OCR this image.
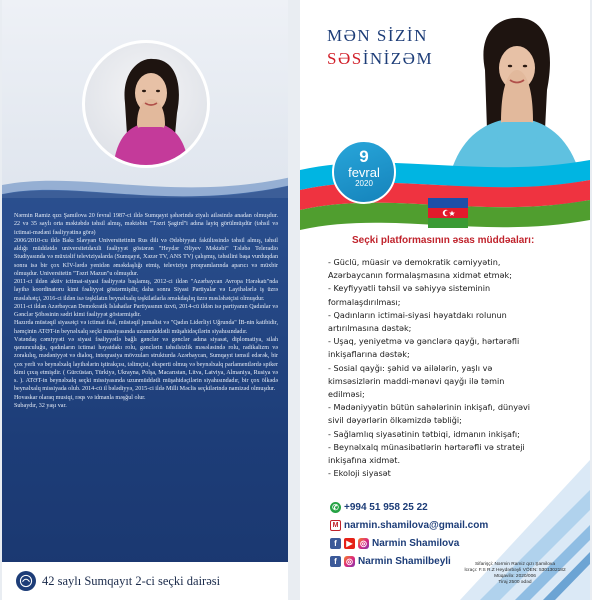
Nərmin Ramiz qızı Şamilova 20 fevral 1987-ci ildə Sumqayıt şəhərində ziyalı ailəsində anadan olmuşdur. 22 və 35 saylı orta məktəbdə təhsil almış, məktəbin "Təzri Şagird"i adına layiq görülmüşdür (təhsil və ictimai-mədəni fəaliyyətinə görə)

2006/2010-cu ildə Bakı Slavyan Universitetinin Rus dili və Ədəbiyyatı fakültəsində təhsil almış, təhsil aldığı müddətdə universitetdaxili fəaliyyət göstərən "Heydər Əliyev Məktəbi" Tələbə Teleradio Studiyasında və müxtəlif televiziyalarda (Sumqayıt, Xəzər TV, ANS TV) çalışmış, təhsilini başa vurduqdan sonra isə bir çox KİV-lərdə yenidən əməkdaşlığı etmiş, televiziya proqramlarında aparıcı və müxbir olmuşdur. Universitetin "Təzri Mazun"u olmuşdur.

2011-ci ildən aktiv ictimai-siyasi fəaliyyətə başlamış, 2012-ci ildən "Azərbaycan Avropa Hərəkatı"nda layihə koordinatoru kimi fəaliyyət göstərmişdir, daha sonra Siyasi Partiyalar və Layihələrlə iş üzrə məsləhətçi, 2016-ci ildən isə təşkilatın beynəlxalq təşkilatlarla əməkdaşlıq üzrə məsləhətçisi olmuşdur.

2011-ci ildən Azərbaycan Demokratik İslahatlar Partiyasının üzvü, 2014-cü ildən isə partiyanın Qadınlar və Gənclər Şöbəsinin sədri kimi fəaliyyət göstərmişdir.

Hazırda müstəqil siyasətçi və ictimai fəal, müstəqil jurnalist və "Qadın Liderliyi Uğrunda" İB-nin katibidir, həmçinin ATƏT-in beynəlxalq seçki missiyasında uzunmüddətli müşahidəçilərin siyahısındadır.

Vətəndaş cəmiyyəti və siyasi fəaliyyətlə bağlı gənclər və gənclər adına siyasət, diplomatiya, silah qanunculuğu, qadınların ictimai həyatdakı rolu, gənclərin təhsilsizlik məsələsində rolu, radikalizm və zorakılıq, mədəniyyət və dialoq, inteqrasiya mövzuları strukturda Azərbaycan, Sumqayıt təmsil edərək, bir çox yerli və beynəlxalq layihələrin iştirakçısı, təlimçisi, eksperti olmuş və beynəlxalq parlamentlərdə spiker kimi çıxış etmişdir. ( Gürcüstan, Türkiyə, Ukrayna, Polşa, Macarıstan, Litva, Latviya, Almaniya, Rusiya və s. ). ATƏT-in beynəlxalq seçki missiyasında uzunmüddətli müşahidəçilərin siyahısındadır, bir çox ölkədə beynəlxalq missiyada olub. 2014-cü il bələdiyyə, 2015-ci ildə Milli Məclis seçkilərində namizəd olmuşdur.

Hovaskar olaraq musiqi, rəqs və idmanla məşğul olur.

Subaydır, 32 yaşı var.

42 saylı Sumqayıt 2-ci seçki dairəsi
MƏN SİZİN
SƏSİNİZƏM
9
fevral
2020
Seçki platformasının əsas müddəaları:
- Güclü, müasir və demokratik cəmiyyətin,
Azərbaycanın formalaşmasına xidmət etmək;
- Keyfiyyətli təhsil və səhiyyə sisteminin
formalaşdırılması;
- Qadınların ictimai-siyasi həyatdakı rolunun
artırılmasına dəstək;
- Uşaq, yeniyetmə və gənclərə qayğı, hərtərəfli
inkişaflarına dəstək;
- Sosial qayğı: şəhid və ailələrin, yaşlı və
kimsəsizlərin maddi-mənəvi qayğı ilə təmin
edilməsi;
- Mədəniyyətin bütün sahələrinin inkişafı, dünyəvi
sivil dəyərlərin ölkəmizdə təbliği;
- Sağlamlıq siyasətinin tətbiqi, idmanın inkişafı;
- Beynəlxalq münasibətlərin hərtərəfli və strateji
inkişafına xidmət.
- Ekoloji siyasət
✆ +994 51 958 25 22
M narmin.shamilova@gmail.com
f	▶ ◎ Narmin Shamilova
f	◎ Narmin Shamilbeyli	Sifarişçi: Nərmin Ramiz qızı Şamilova
İcraçı: F.S R.Z Heydərbəyli VÖEN: 5301302182
Müqavilə: 2020/006
Tiraj 2500 ədəd
